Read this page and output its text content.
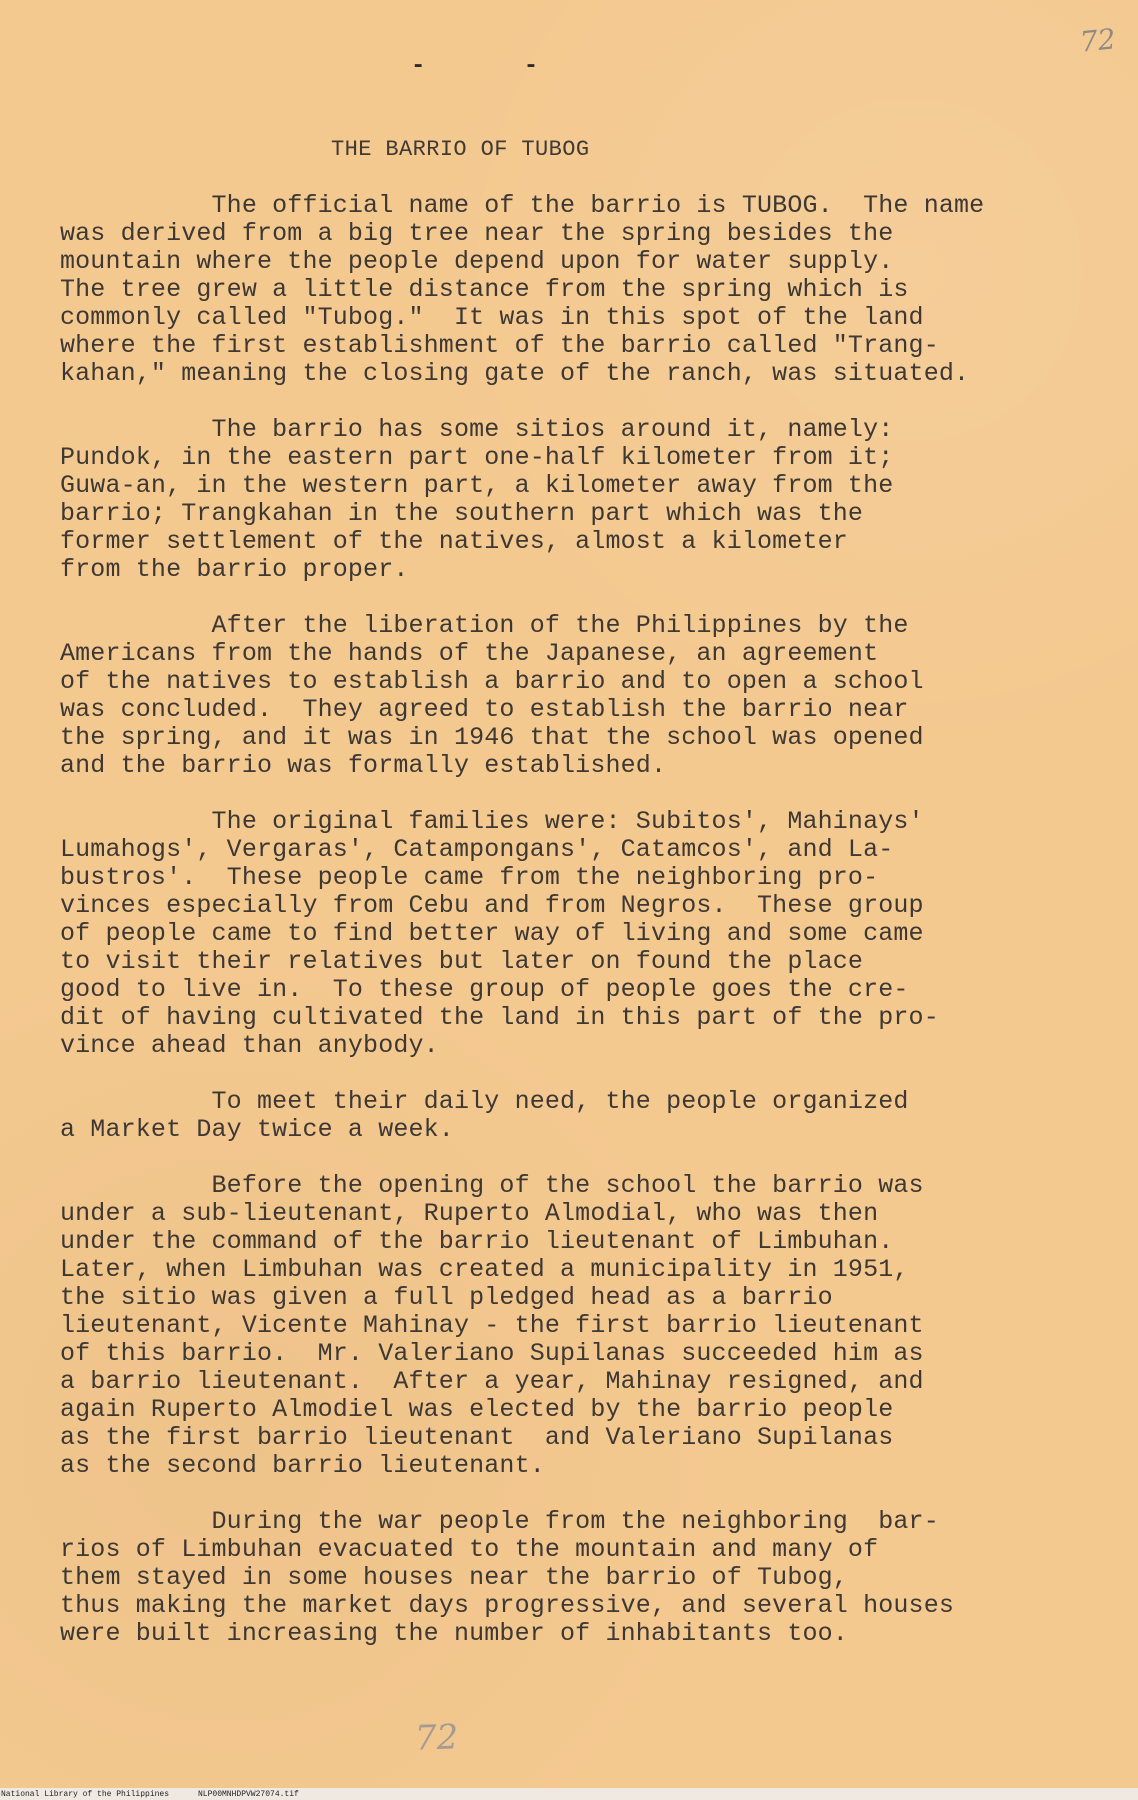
72
- -
THE BARRIO OF TUBOG
The official name of the barrio is TUBOG.  The name
was derived from a big tree near the spring besides the
mountain where the people depend upon for water supply.
The tree grew a little distance from the spring which is
commonly called "Tubog."  It was in this spot of the land
where the first establishment of the barrio called "Trang-
kahan," meaning the closing gate of the ranch, was situated.
The barrio has some sitios around it, namely:
Pundok, in the eastern part one-half kilometer from it;
Guwa-an, in the western part, a kilometer away from the
barrio; Trangkahan in the southern part which was the
former settlement of the natives, almost a kilometer
from the barrio proper.
After the liberation of the Philippines by the
Americans from the hands of the Japanese, an agreement
of the natives to establish a barrio and to open a school
was concluded.  They agreed to establish the barrio near
the spring, and it was in 1946 that the school was opened
and the barrio was formally established.
The original families were: Subitos', Mahinays'
Lumahogs', Vergaras', Catampongans', Catamcos', and La-
bustros'.  These people came from the neighboring pro-
vinces especially from Cebu and from Negros.  These group
of people came to find better way of living and some came
to visit their relatives but later on found the place
good to live in.  To these group of people goes the cre-
dit of having cultivated the land in this part of the pro-
vince ahead than anybody.
To meet their daily need, the people organized
a Market Day twice a week.
Before the opening of the school the barrio was
under a sub-lieutenant, Ruperto Almodial, who was then
under the command of the barrio lieutenant of Limbuhan.
Later, when Limbuhan was created a municipality in 1951,
the sitio was given a full pledged head as a barrio
lieutenant, Vicente Mahinay - the first barrio lieutenant
of this barrio.  Mr. Valeriano Supilanas succeeded him as
a barrio lieutenant.  After a year, Mahinay resigned, and
again Ruperto Almodiel was elected by the barrio people
as the first barrio lieutenant  and Valeriano Supilanas
as the second barrio lieutenant.
During the war people from the neighboring  bar-
rios of Limbuhan evacuated to the mountain and many of
them stayed in some houses near the barrio of Tubog,
thus making the market days progressive, and several houses
were built increasing the number of inhabitants too.
72
National Library of the Philippines	NLP00MNHDPVW27074.tif
